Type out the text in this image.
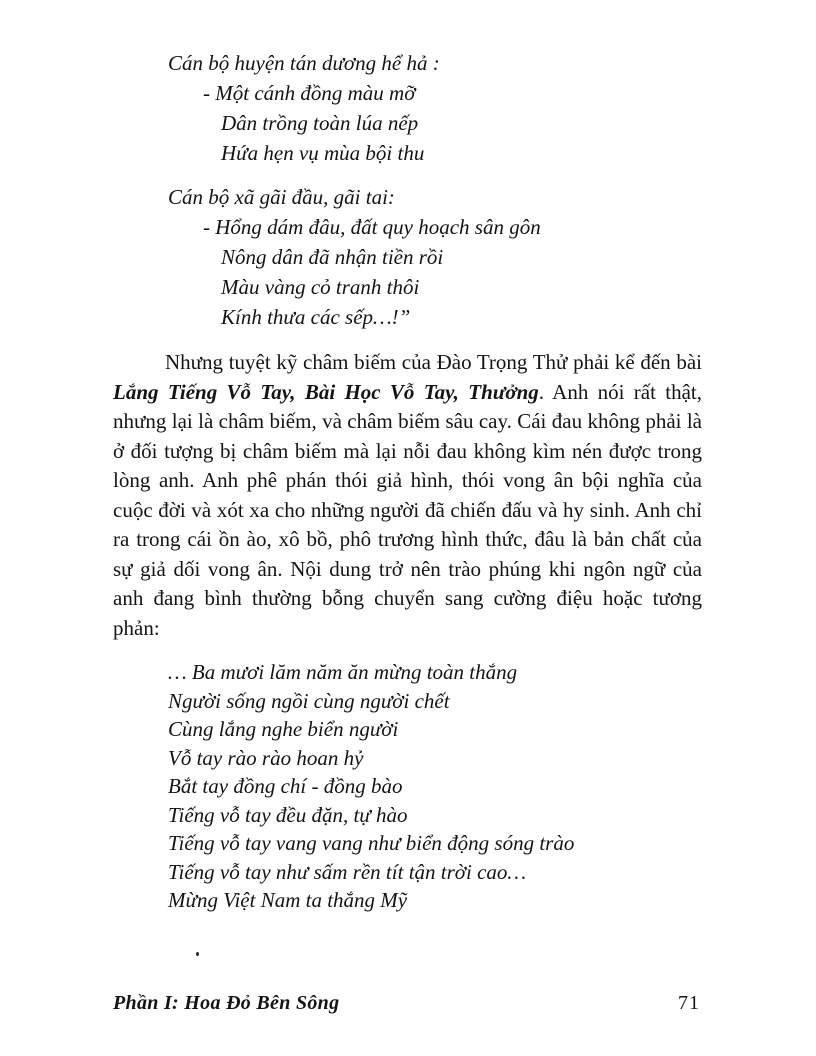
Cán bộ huyện tán dương hể hả :

- Một cánh đồng màu mỡ

Dân trồng toàn lúa nếp

Hứa hẹn vụ mùa bội thu

Cán bộ xã gãi đầu, gãi tai:

- Hổng dám đâu, đất quy hoạch sân gôn

Nông dân đã nhận tiền rồi

Màu vàng cỏ tranh thôi

Kính thưa các sếp…!”

Nhưng tuyệt kỹ châm biếm của Đào Trọng Thử phải kể đến bài Lắng Tiếng Vỗ Tay, Bài Học Vỗ Tay, Thưởng. Anh nói rất thật, nhưng lại là châm biếm, và châm biếm sâu cay. Cái đau không phải là ở đối tượng bị châm biếm mà lại nỗi đau không kìm nén được trong lòng anh. Anh phê phán thói giả hình, thói vong ân bội nghĩa của cuộc đời và xót xa cho những người đã chiến đấu và hy sinh. Anh chỉ ra trong cái ồn ào, xô bồ, phô trương hình thức, đâu là bản chất của sự giả dối vong ân. Nội dung trở nên trào phúng khi ngôn ngữ của anh đang bình thường bỗng chuyển sang cường điệu hoặc tương phản:

… Ba mươi lăm năm ăn mừng toàn thắng

Người sống ngồi cùng người chết

Cùng lắng nghe biển người

Vỗ tay rào rào hoan hỷ

Bắt tay đồng chí - đồng bào

Tiếng vỗ tay đều đặn, tự hào

Tiếng vỗ tay vang vang như biển động sóng trào

Tiếng vỗ tay như sấm rền tít tận trời cao…

Mừng Việt Nam ta thắng Mỹ

Phần I: Hoa Đỏ Bên Sông	71
